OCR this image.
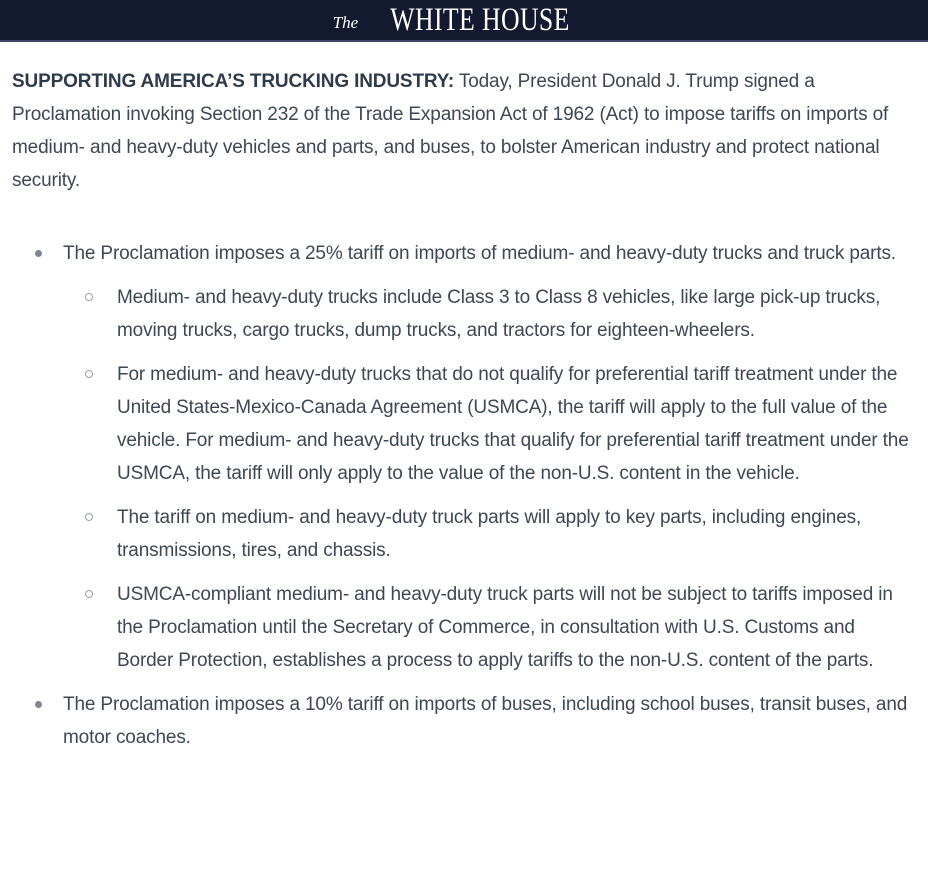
The WHITE HOUSE

SUPPORTING AMERICA’S TRUCKING INDUSTRY: Today, President Donald J. Trump signed a Proclamation invoking Section 232 of the Trade Expansion Act of 1962 (Act) to impose tariffs on imports of medium- and heavy-duty vehicles and parts, and buses, to bolster American industry and protect national security.

The Proclamation imposes a 25% tariff on imports of medium- and heavy-duty trucks and truck parts.
Medium- and heavy-duty trucks include Class 3 to Class 8 vehicles, like large pick-up trucks, moving trucks, cargo trucks, dump trucks, and tractors for eighteen-wheelers.
For medium- and heavy-duty trucks that do not qualify for preferential tariff treatment under the United States-Mexico-Canada Agreement (USMCA), the tariff will apply to the full value of the vehicle. For medium- and heavy-duty trucks that qualify for preferential tariff treatment under the USMCA, the tariff will only apply to the value of the non-U.S. content in the vehicle.
The tariff on medium- and heavy-duty truck parts will apply to key parts, including engines, transmissions, tires, and chassis.
USMCA-compliant medium- and heavy-duty truck parts will not be subject to tariffs imposed in the Proclamation until the Secretary of Commerce, in consultation with U.S. Customs and Border Protection, establishes a process to apply tariffs to the non-U.S. content of the parts.
The Proclamation imposes a 10% tariff on imports of buses, including school buses, transit buses, and motor coaches.
